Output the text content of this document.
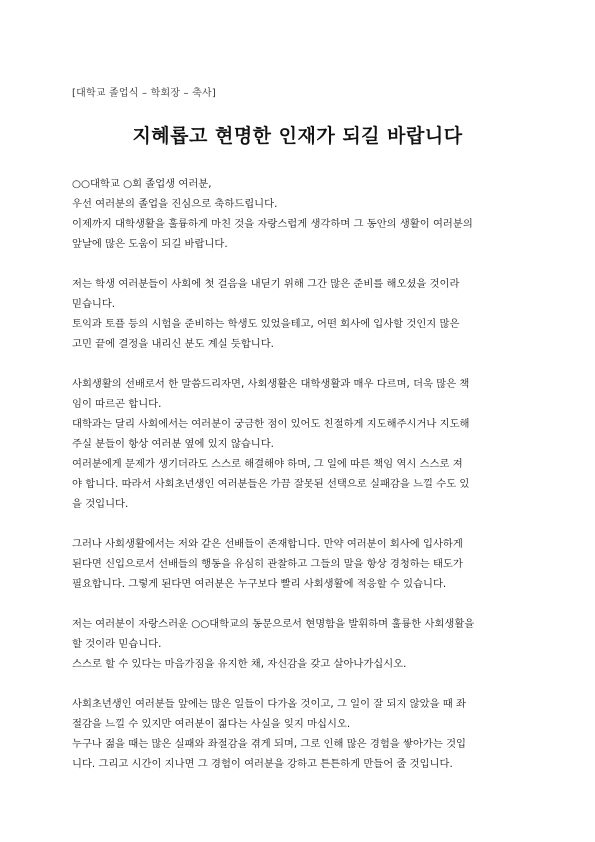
[대학교 졸업식 – 학회장 – 축사]
지혜롭고 현명한 인재가 되길 바랍니다

○○대학교 ○회 졸업생 여러분,
우선 여러분의 졸업을 진심으로 축하드립니다.
이제까지 대학생활을 훌륭하게 마친 것을 자랑스럽게 생각하며 그 동안의 생활이 여러분의
앞날에 많은 도움이 되길 바랍니다.

저는 학생 여러분들이 사회에 첫 걸음을 내딛기 위해 그간 많은 준비를 해오셨을 것이라
믿습니다.
토익과 토플 등의 시험을 준비하는 학생도 있었을테고, 어떤 회사에 입사할 것인지 많은
고민 끝에 결정을 내리신 분도 계실 듯합니다.

사회생활의 선배로서 한 말씀드리자면, 사회생활은 대학생활과 매우 다르며, 더욱 많은 책
임이 따르곤 합니다.
대학과는 달리 사회에서는 여러분이 궁금한 점이 있어도 친절하게 지도해주시거나 지도해
주실 분들이 항상 여러분 옆에 있지 않습니다.
여러분에게 문제가 생기더라도 스스로 해결해야 하며, 그 일에 따른 책임 역시 스스로 져
야 합니다. 따라서 사회초년생인 여러분들은 가끔 잘못된 선택으로 실패감을 느낄 수도 있
을 것입니다.

그러나 사회생활에서는 저와 같은 선배들이 존재합니다. 만약 여러분이 회사에 입사하게
된다면 신입으로서 선배들의 행동을 유심히 관찰하고 그들의 말을 항상 경청하는 태도가
필요합니다. 그렇게 된다면 여러분은 누구보다 빨리 사회생활에 적응할 수 있습니다.

저는 여러분이 자랑스러운 ○○대학교의 동문으로서 현명함을 발휘하며 훌륭한 사회생활을
할 것이라 믿습니다.
스스로 할 수 있다는 마음가짐을 유지한 채, 자신감을 갖고 살아나가십시오.

사회초년생인 여러분들 앞에는 많은 일들이 다가올 것이고, 그 일이 잘 되지 않았을 때 좌
절감을 느낄 수 있지만 여러분이 젊다는 사실을 잊지 마십시오.
누구나 젊을 때는 많은 실패와 좌절감을 겪게 되며, 그로 인해 많은 경험을 쌓아가는 것입
니다. 그리고 시간이 지나면 그 경험이 여러분을 강하고 튼튼하게 만들어 줄 것입니다.
